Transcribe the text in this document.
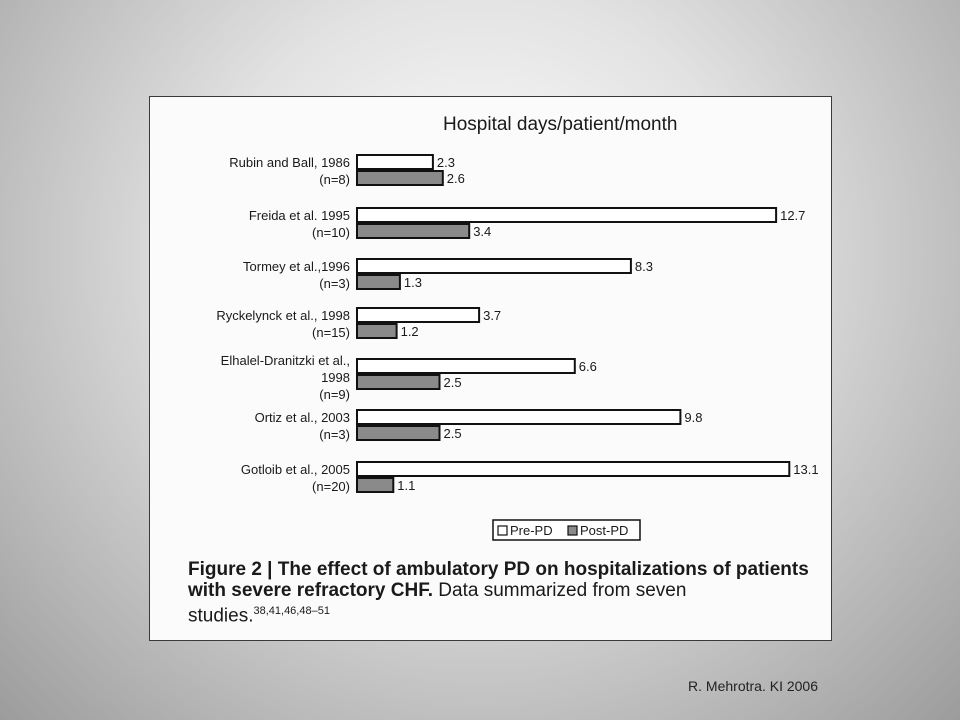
Hospital days/patient/month
Rubin and Ball, 1986
(n=8)
2.3
2.6
Freida et al. 1995
(n=10)
12.7
3.4
Tormey et al.,1996
(n=3)
8.3
1.3
Ryckelynck et al., 1998
(n=15)
3.7
1.2
Elhalel-Dranitzki et al.,
1998
(n=9)
6.6
2.5
Ortiz et al., 2003
(n=3)
9.8
2.5
Gotloib et al., 2005
(n=20)
13.1
1.1
Pre-PD Post-PD
Figure 2 | The effect of ambulatory PD on hospitalizations of patients with severe refractory CHF. Data summarized from seven studies.$^{38,41,46,48-51}$
R. Mehrotra. KI 2006
